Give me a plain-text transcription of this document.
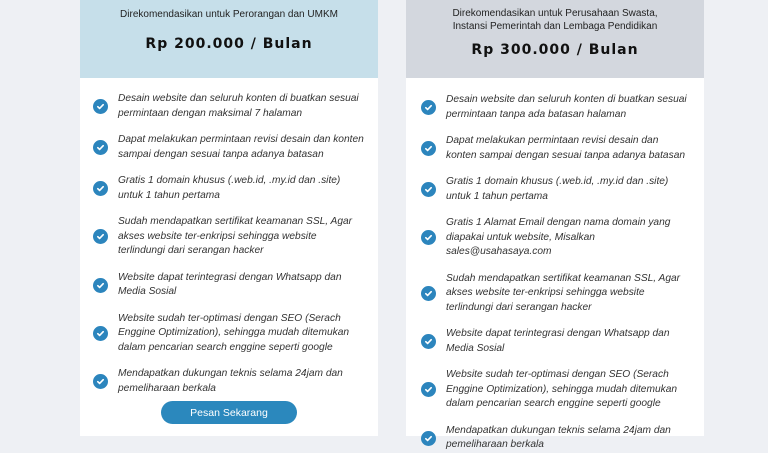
Direkomendasikan untuk Perorangan dan UMKM
Rp 200.000 / Bulan
Desain website dan seluruh konten di buatkan sesuai permintaan dengan maksimal 7 halaman
Dapat melakukan permintaan revisi desain dan konten sampai dengan sesuai tanpa adanya batasan
Gratis 1 domain khusus (.web.id, .my.id dan .site) untuk 1 tahun pertama
Sudah mendapatkan sertifikat keamanan SSL, Agar akses website ter-enkripsi sehingga website terlindungi dari serangan hacker
Website dapat terintegrasi dengan Whatsapp dan Media Sosial
Website sudah ter-optimasi dengan SEO (Serach Enggine Optimization), sehingga mudah ditemukan dalam pencarian search enggine seperti google
Mendapatkan dukungan teknis selama 24jam dan pemeliharaan berkala
Pesan Sekarang
Direkomendasikan untuk Perusahaan Swasta, Instansi Pemerintah dan Lembaga Pendidikan
Rp 300.000 / Bulan
Desain website dan seluruh konten di buatkan sesuai permintaan tanpa ada batasan halaman
Dapat melakukan permintaan revisi desain dan konten sampai dengan sesuai tanpa adanya batasan
Gratis 1 domain khusus (.web.id, .my.id dan .site) untuk 1 tahun pertama
Gratis 1 Alamat Email dengan nama domain yang diapakai untuk website, Misalkan sales@usahasaya.com
Sudah mendapatkan sertifikat keamanan SSL, Agar akses website ter-enkripsi sehingga website terlindungi dari serangan hacker
Website dapat terintegrasi dengan Whatsapp dan Media Sosial
Website sudah ter-optimasi dengan SEO (Serach Enggine Optimization), sehingga mudah ditemukan dalam pencarian search enggine seperti google
Mendapatkan dukungan teknis selama 24jam dan pemeliharaan berkala
